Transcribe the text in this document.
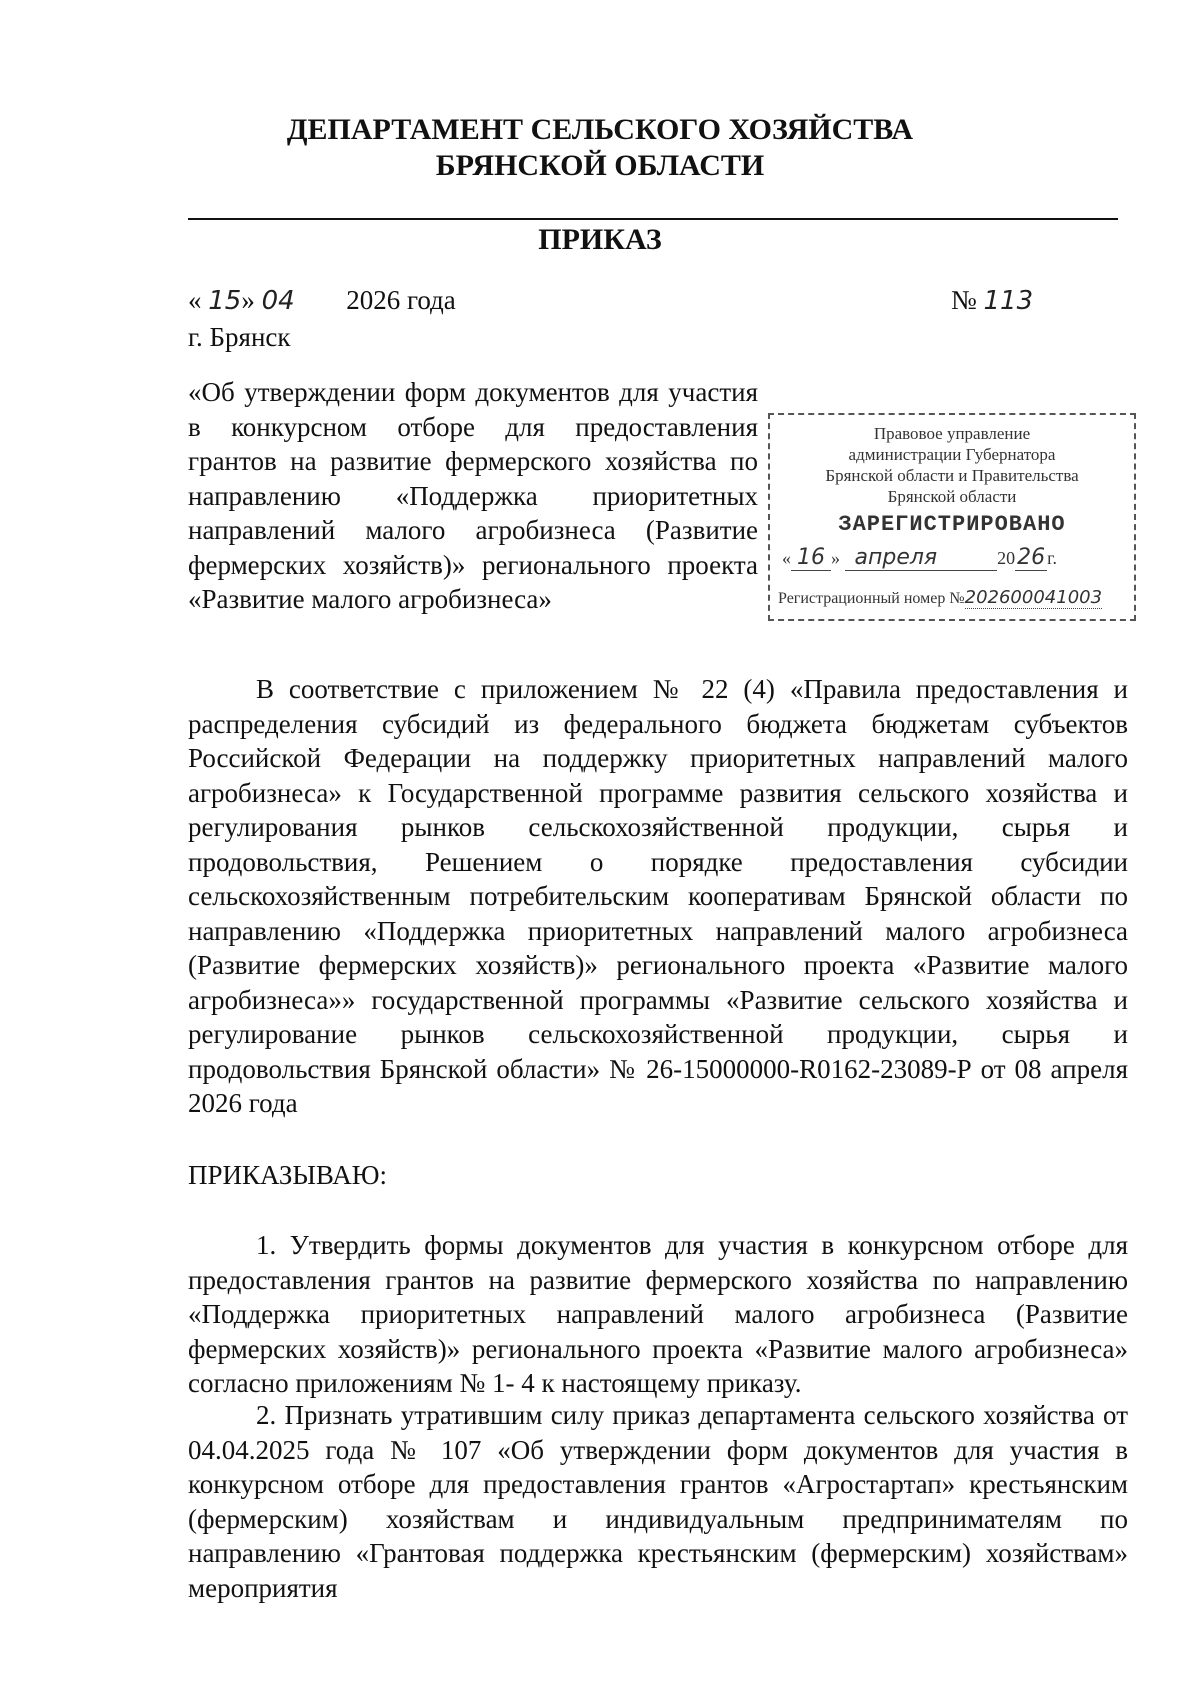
ДЕПАРТАМЕНТ СЕЛЬСКОГО ХОЗЯЙСТВА
БРЯНСКОЙ ОБЛАСТИ
ПРИКАЗ
« 15» 04 2026 года	№ 113
г. Брянск
«Об утверждении форм документов для участия в конкурсном отборе для предоставления грантов на развитие фермерского хозяйства по направлению «Поддержка приоритетных направлений малого агробизнеса (Развитие фермерских хозяйств)» регионального проекта «Развитие малого агробизнеса»
Правовое управление
администрации Губернатора
Брянской области и Правительства
Брянской области
ЗАРЕГИСТРИРОВАНО
« 16 » апреля	2026 г.
Регистрационный номер №202600041003

В соответствие с приложением № 22 (4) «Правила предоставления и распределения субсидий из федерального бюджета бюджетам субъектов Российской Федерации на поддержку приоритетных направлений малого агробизнеса» к Государственной программе развития сельского хозяйства и регулирования рынков сельскохозяйственной продукции, сырья и продовольствия, Решением о порядке предоставления субсидии сельскохозяйственным потребительским кооперативам Брянской области по направлению «Поддержка приоритетных направлений малого агробизнеса (Развитие фермерских хозяйств)» регионального проекта «Развитие малого агробизнеса»» государственной программы «Развитие сельского хозяйства и регулирование рынков сельскохозяйственной продукции, сырья и продовольствия Брянской области» № 26-15000000-R0162-23089-Р от 08 апреля 2026 года

ПРИКАЗЫВАЮ:

1. Утвердить формы документов для участия в конкурсном отборе для предоставления грантов на развитие фермерского хозяйства по направлению «Поддержка приоритетных направлений малого агробизнеса (Развитие фермерских хозяйств)» регионального проекта «Развитие малого агробизнеса» согласно приложениям № 1- 4 к настоящему приказу.

2. Признать утратившим силу приказ департамента сельского хозяйства от 04.04.2025 года № 107 «Об утверждении форм документов для участия в конкурсном отборе для предоставления грантов «Агростартап» крестьянским (фермерским) хозяйствам и индивидуальным предпринимателям по направлению «Грантовая поддержка крестьянским (фермерским) хозяйствам» мероприятия
